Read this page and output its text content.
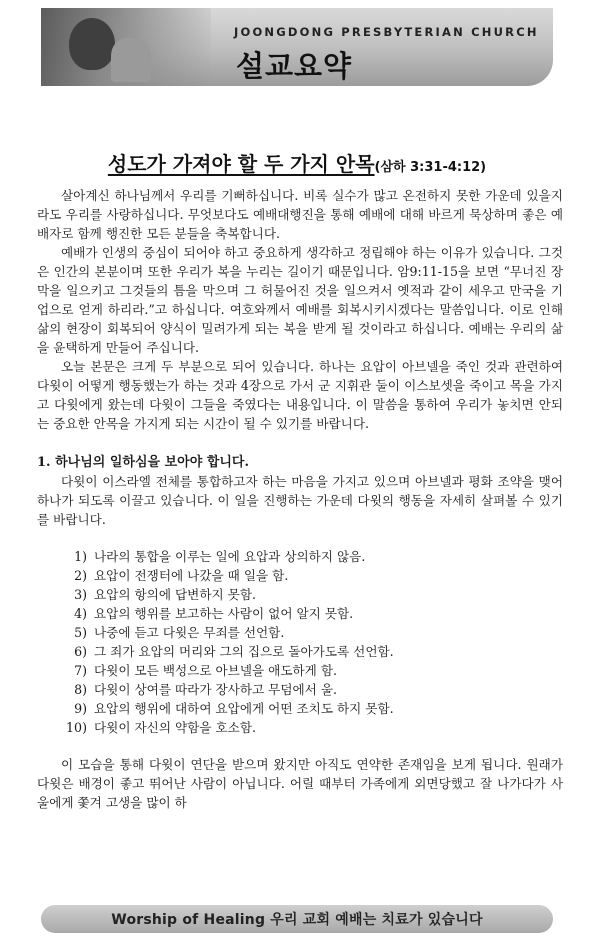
JOONGDONG PRESBYTERIAN CHURCH
설교요약
성도가 가져야 할 두 가지 안목(삼하 3:31-4:12)

살아계신 하나님께서 우리를 기뻐하십니다. 비록 실수가 많고 온전하지 못한 가운데 있을지라도 우리를 사랑하십니다. 무엇보다도 예배대행진을 통해 예배에 대해 바르게 묵상하며 좋은 예배자로 함께 행진한 모든 분들을 축복합니다.

예배가 인생의 중심이 되어야 하고 중요하게 생각하고 정립해야 하는 이유가 있습니다. 그것은 인간의 본분이며 또한 우리가 복을 누리는 길이기 때문입니다. 암9:11-15을 보면 “무너진 장막을 일으키고 그것들의 틈을 막으며 그 허물어진 것을 일으켜서 옛적과 같이 세우고 만국을 기업으로 얻게 하리라.”고 하십니다. 여호와께서 예배를 회복시키시겠다는 말씀입니다. 이로 인해 삶의 현장이 회복되어 양식이 밀려가게 되는 복을 받게 될 것이라고 하십니다. 예배는 우리의 삶을 윤택하게 만들어 주십니다.

오늘 본문은 크게 두 부분으로 되어 있습니다. 하나는 요압이 아브넬을 죽인 것과 관련하여 다윗이 어떻게 행동했는가 하는 것과 4장으로 가서 군 지휘관 둘이 이스보셋을 죽이고 목을 가지고 다윗에게 왔는데 다윗이 그들을 죽였다는 내용입니다. 이 말씀을 통하여 우리가 놓치면 안되는 중요한 안목을 가지게 되는 시간이 될 수 있기를 바랍니다.

1. 하나님의 일하심을 보아야 합니다.

다윗이 이스라엘 전체를 통합하고자 하는 마음을 가지고 있으며 아브넬과 평화 조약을 맺어 하나가 되도록 이끌고 있습니다. 이 일을 진행하는 가운데 다윗의 행동을 자세히 살펴볼 수 있기를 바랍니다.

1) 나라의 통합을 이루는 일에 요압과 상의하지 않음.
2) 요압이 전쟁터에 나갔을 때 일을 함.
3) 요압의 항의에 답변하지 못함.
4) 요압의 행위를 보고하는 사람이 없어 알지 못함.
5) 나중에 듣고 다윗은 무죄를 선언함.
6) 그 죄가 요압의 머리와 그의 집으로 돌아가도록 선언함.
7) 다윗이 모든 백성으로 아브넬을 애도하게 함.
8) 다윗이 상여를 따라가 장사하고 무덤에서 울.
9) 요압의 행위에 대하여 요압에게 어떤 조치도 하지 못함.
10) 다윗이 자신의 약함을 호소함.

이 모습을 통해 다윗이 연단을 받으며 왔지만 아직도 연약한 존재임을 보게 됩니다. 원래가 다윗은 배경이 좋고 뛰어난 사람이 아닙니다. 어릴 때부터 가족에게 외면당했고 잘 나가다가 사울에게 쫓겨 고생을 많이 하

Worship of Healing 우리 교회 예배는 치료가 있습니다
